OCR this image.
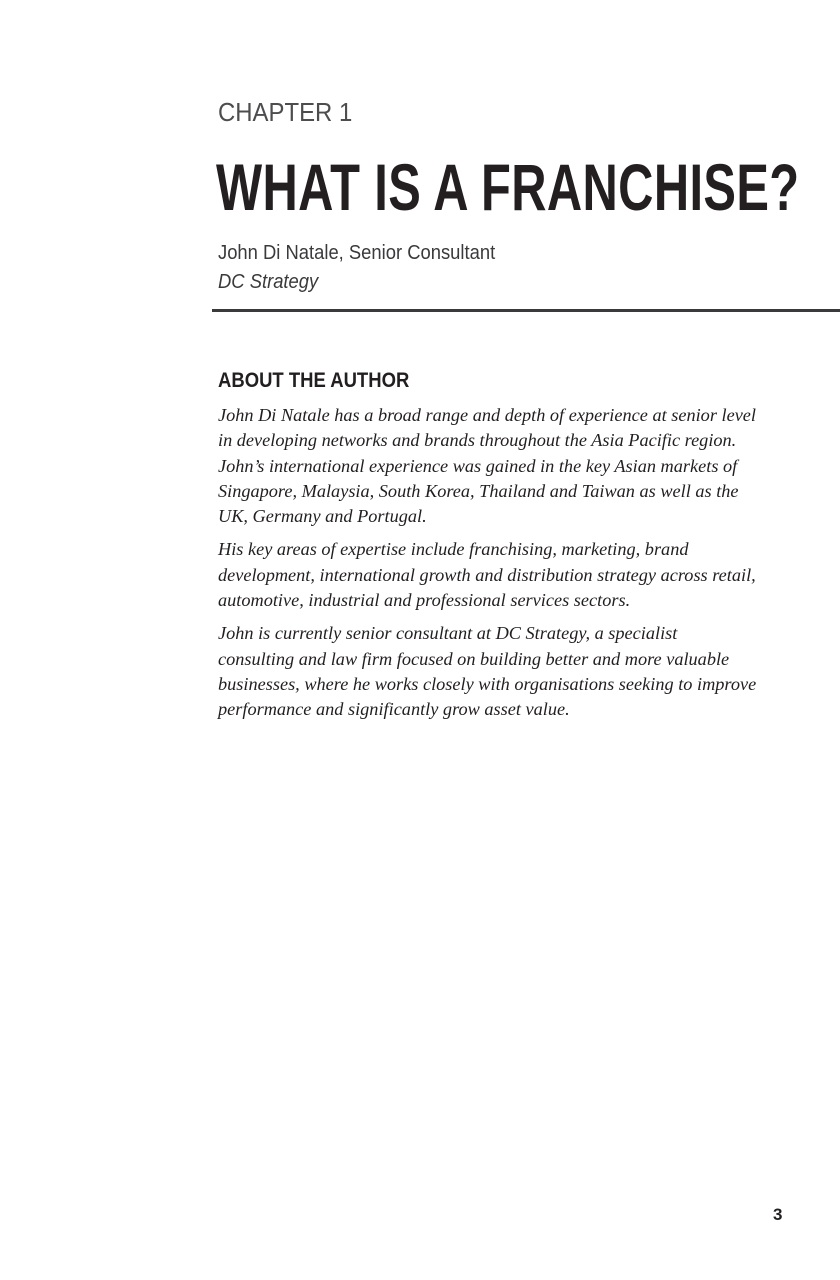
CHAPTER 1
WHAT IS A FRANCHISE?
John Di Natale, Senior Consultant
DC Strategy
ABOUT THE AUTHOR

John Di Natale has a broad range and depth of experience at senior level in developing networks and brands throughout the Asia Pacific region. John’s international experience was gained in the key Asian markets of Singapore, Malaysia, South Korea, Thailand and Taiwan as well as the UK, Germany and Portugal.

His key areas of expertise include franchising, marketing, brand development, international growth and distribution strategy across retail, automotive, industrial and professional services sectors.

John is currently senior consultant at DC Strategy, a specialist consulting and law firm focused on building better and more valuable businesses, where he works closely with organisations seeking to improve performance and significantly grow asset value.

3
